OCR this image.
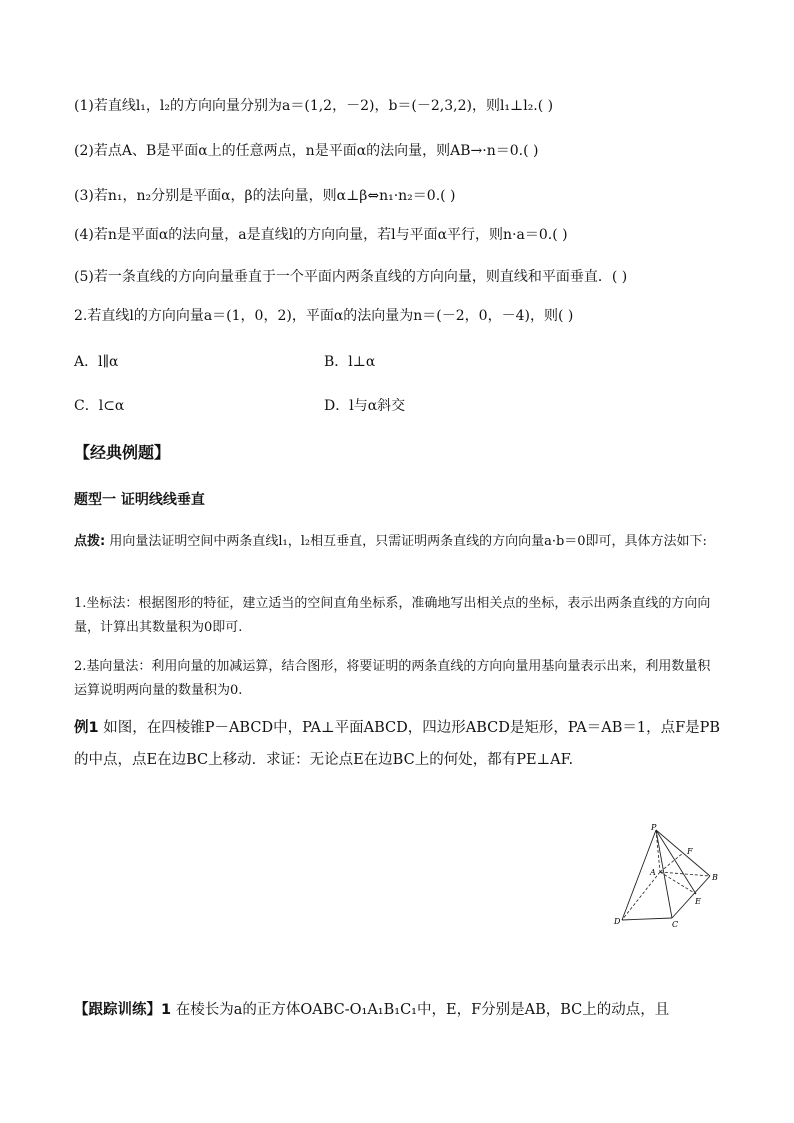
(1)若直线l₁，l₂的方向向量分别为a＝(1,2，－2)，b＝(－2,3,2)，则l₁⊥l₂.( )
(2)若点A、B是平面α上的任意两点，n是平面α的法向量，则AB→·n＝0.( )
(3)若n₁，n₂分别是平面α，β的法向量，则α⊥β⇔n₁·n₂＝0.( )
(4)若n是平面α的法向量，a是直线l的方向向量，若l与平面α平行，则n·a＝0.( )
(5)若一条直线的方向向量垂直于一个平面内两条直线的方向向量，则直线和平面垂直．( )
2.若直线l的方向向量a＝(1，0，2)，平面α的法向量为n＝(－2，0，－4)，则( )
A．l∥α	B．l⊥α
C．l⊂α	D．l与α斜交
【经典例题】
题型一 证明线线垂直
点拨: 用向量法证明空间中两条直线l₁，l₂相互垂直，只需证明两条直线的方向向量a·b＝0即可，具体方法如下:
1.坐标法：根据图形的特征，建立适当的空间直角坐标系，准确地写出相关点的坐标，表示出两条直线的方向向量，计算出其数量积为0即可.
2.基向量法：利用向量的加减运算，结合图形，将要证明的两条直线的方向向量用基向量表示出来，利用数量积运算说明两向量的数量积为0.
例1 如图，在四棱锥P－ABCD中，PA⊥平面ABCD，四边形ABCD是矩形，PA＝AB＝1，点F是PB的中点，点E在边BC上移动．求证：无论点E在边BC上的何处，都有PE⊥AF.
P
F
A
B
E
D	C
【跟踪训练】1 在棱长为a的正方体OABC-O₁A₁B₁C₁中，E，F分别是AB，BC上的动点，且
